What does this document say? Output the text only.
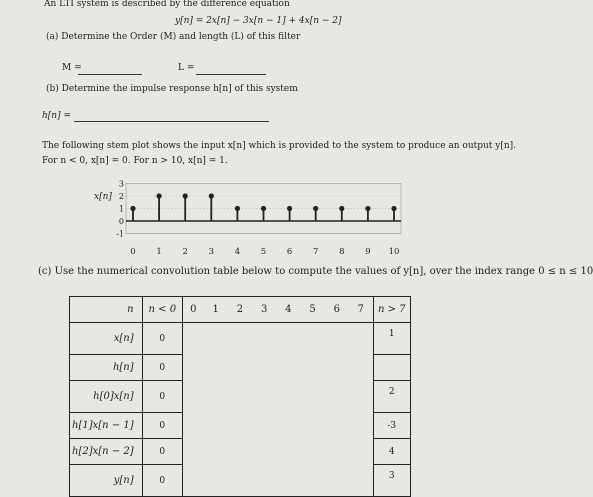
An LTI system is described by the difference equation
y[n] = 2x[n] − 3x[n − 1] + 4x[n − 2]
(a) Determine the Order (M) and length (L) of this filter
M =	L =
(b) Determine the impulse response h[n] of this system
h[n] =
The following stem plot shows the input x[n] which is provided to the system to produce an output y[n].
For n < 0, x[n] = 0. For n > 10, x[n] = 1.
3
2
1
0
-1
x[n]
0 1 2 3 4 5 6 7 8 9 10
(c) Use the numerical convolution table below to compute the values of y[n], over the index range 0 ≤ n ≤ 10
n	n < 0	0	1	2	3	4	5	6	7	n > 7
x[n]	0									1
h[n]	0									
h[0]x[n]	0									2
h[1]x[n − 1]	0									-3
h[2]x[n − 2]	0									4
y[n]	0									3
